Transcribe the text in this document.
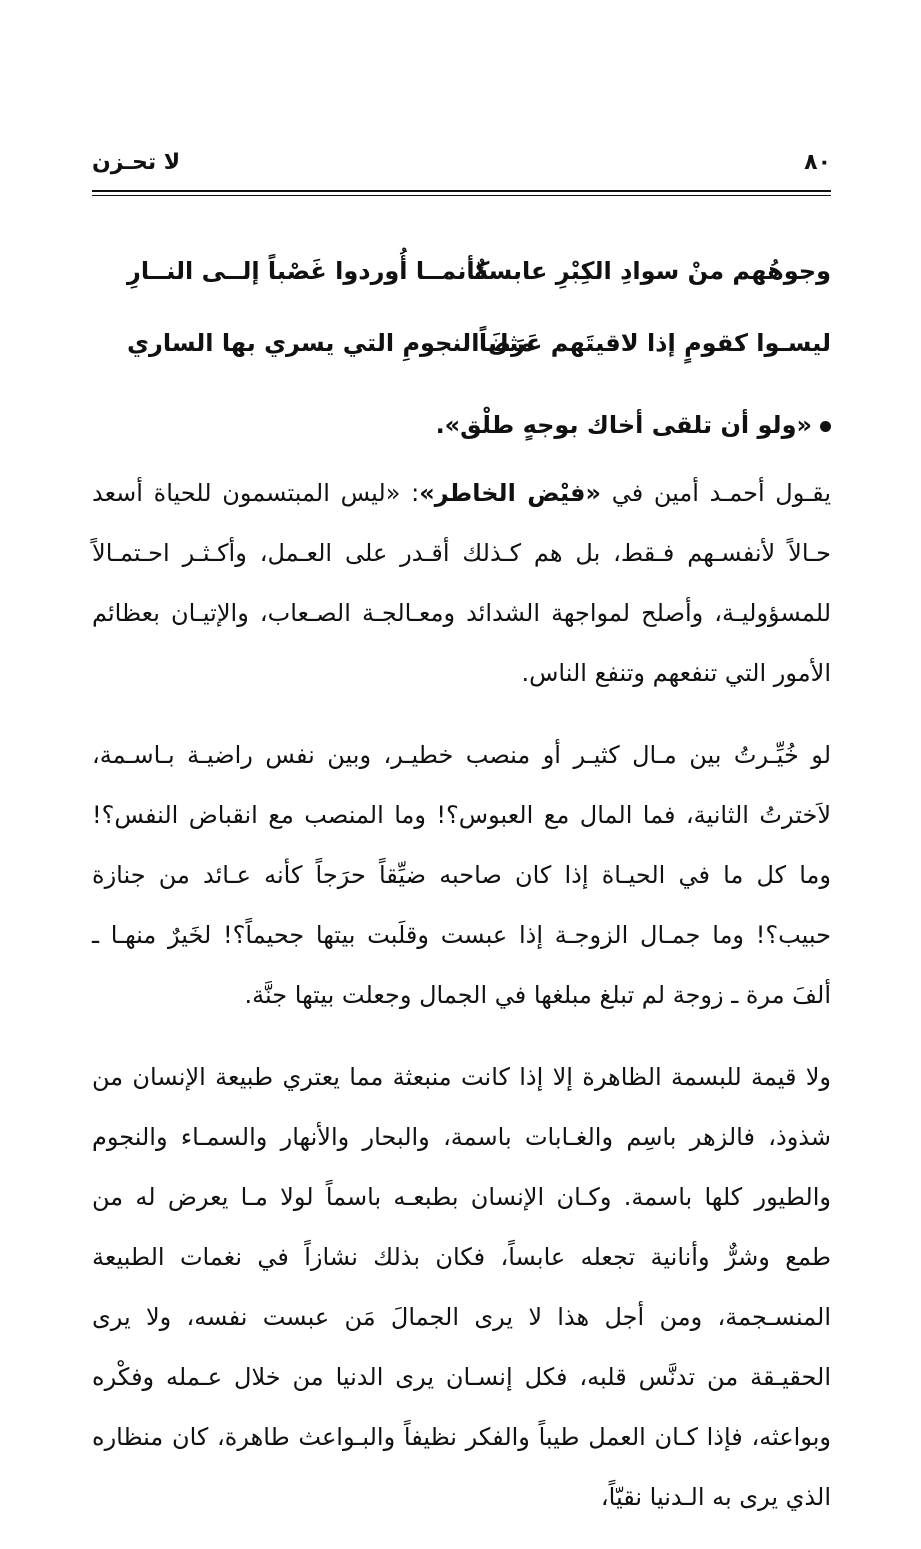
٨٠
لا تحـزن
وجوهُهم منْ سوادِ الكِبْرِ عابسةٌ
كأنمــا أُوردوا غَصْباً إلــى النــارِ
ليسـوا كقومٍ إذا لاقيتَهم عَرَضاً
مثلَ النجومِ التي يسري بها الساري
«ولو أن تلقى أخاك بوجهٍ طلْق».

يقـول أحمـد أمين في «فيْض الخاطر»: «ليس المبتسمون للحياة أسعد حـالاً لأنفسـهم فـقط، بل هم كـذلك أقـدر على العـمل، وأكـثـر احـتمـالاً للمسؤوليـة، وأصلح لمواجهة الشدائد ومعـالجـة الصـعاب، والإتيـان بعظائم الأمور التي تنفعهم وتنفع الناس.

لو خُيِّـرتُ بين مـال كثيـر أو منصب خطيـر، وبين نفس راضيـة بـاسـمة، لاَخترتُ الثانية، فما المال مع العبوس؟! وما المنصب مع انقباض النفس؟! وما كل ما في الحيـاة إذا كان صاحبه ضيِّقاً حرَجاً كأنه عـائد من جنازة حبيب؟! وما جمـال الزوجـة إذا عبست وقلَبت بيتها جحيماً؟! لخَيرٌ منهـا ـ ألفَ مرة ـ زوجة لم تبلغ مبلغها في الجمال وجعلت بيتها جنَّة.

ولا قيمة للبسمة الظاهرة إلا إذا كانت منبعثة مما يعتري طبيعة الإنسان من شذوذ، فالزهر باسِم والغـابات باسمة، والبحار والأنهار والسمـاء والنجوم والطيور كلها باسمة. وكـان الإنسان بطبعـه باسماً لولا مـا يعرض له من طمع وشرٌّ وأنانية تجعله عابساً، فكان بذلك نشازاً في نغمات الطبيعة المنسـجمة، ومن أجل هذا لا يرى الجمالَ مَن عبست نفسه، ولا يرى الحقيـقة من تدنَّس قلبه، فكل إنسـان يرى الدنيا من خلال عـمله وفكْره وبواعثه، فإذا كـان العمل طيباً والفكر نظيفاً والبـواعث طاهرة، كان منظاره الذي يرى به الـدنيا نقيّاً،
